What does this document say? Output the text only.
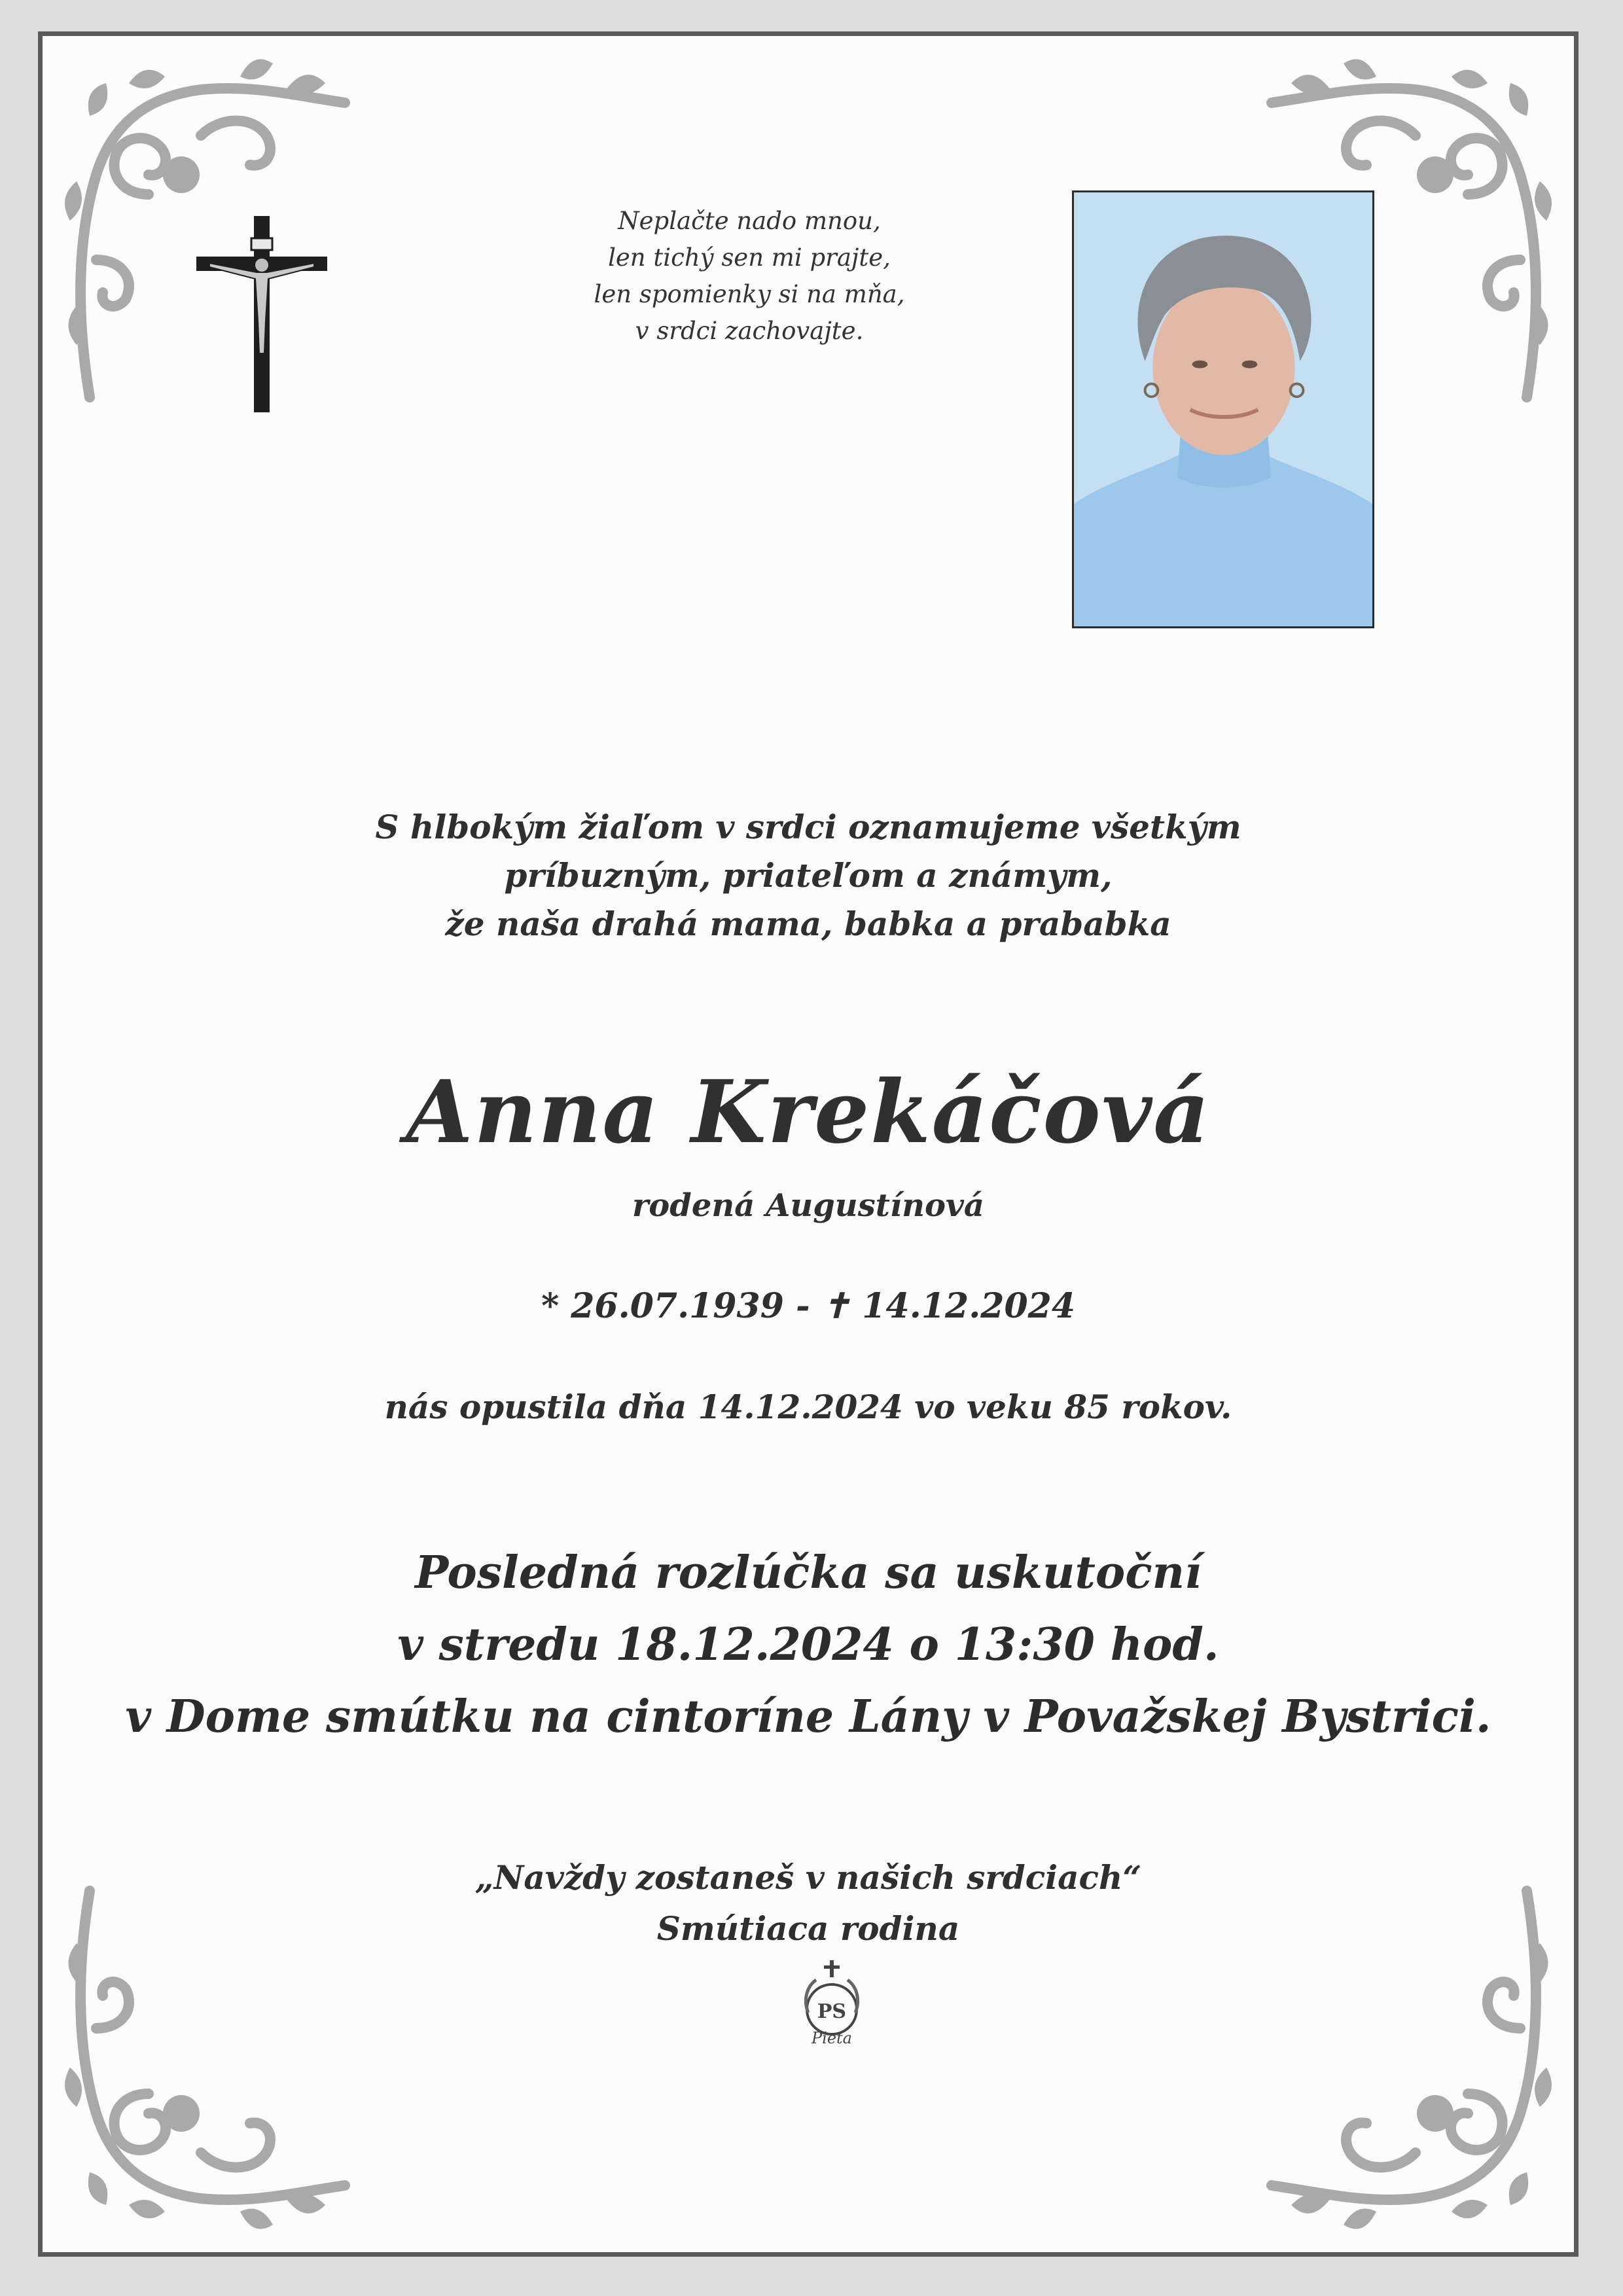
Neplačte nado mnou,
len tichý sen mi prajte,
len spomienky si na mňa,
v srdci zachovajte.
S hlbokým žiaľom v srdci oznamujeme všetkým
príbuzným, priateľom a známym,
že naša drahá mama, babka a prababka
Anna Krekáčová
rodená Augustínová
* 26.07.1939 - ✝ 14.12.2024
nás opustila dňa 14.12.2024 vo veku 85 rokov.
Posledná rozlúčka sa uskutoční
v stredu 18.12.2024 o 13:30 hod.
v Dome smútku na cintoríne Lány v Považskej Bystrici.
„Navždy zostaneš v našich srdciach“
Smútiaca rodina
PS
Pieta
